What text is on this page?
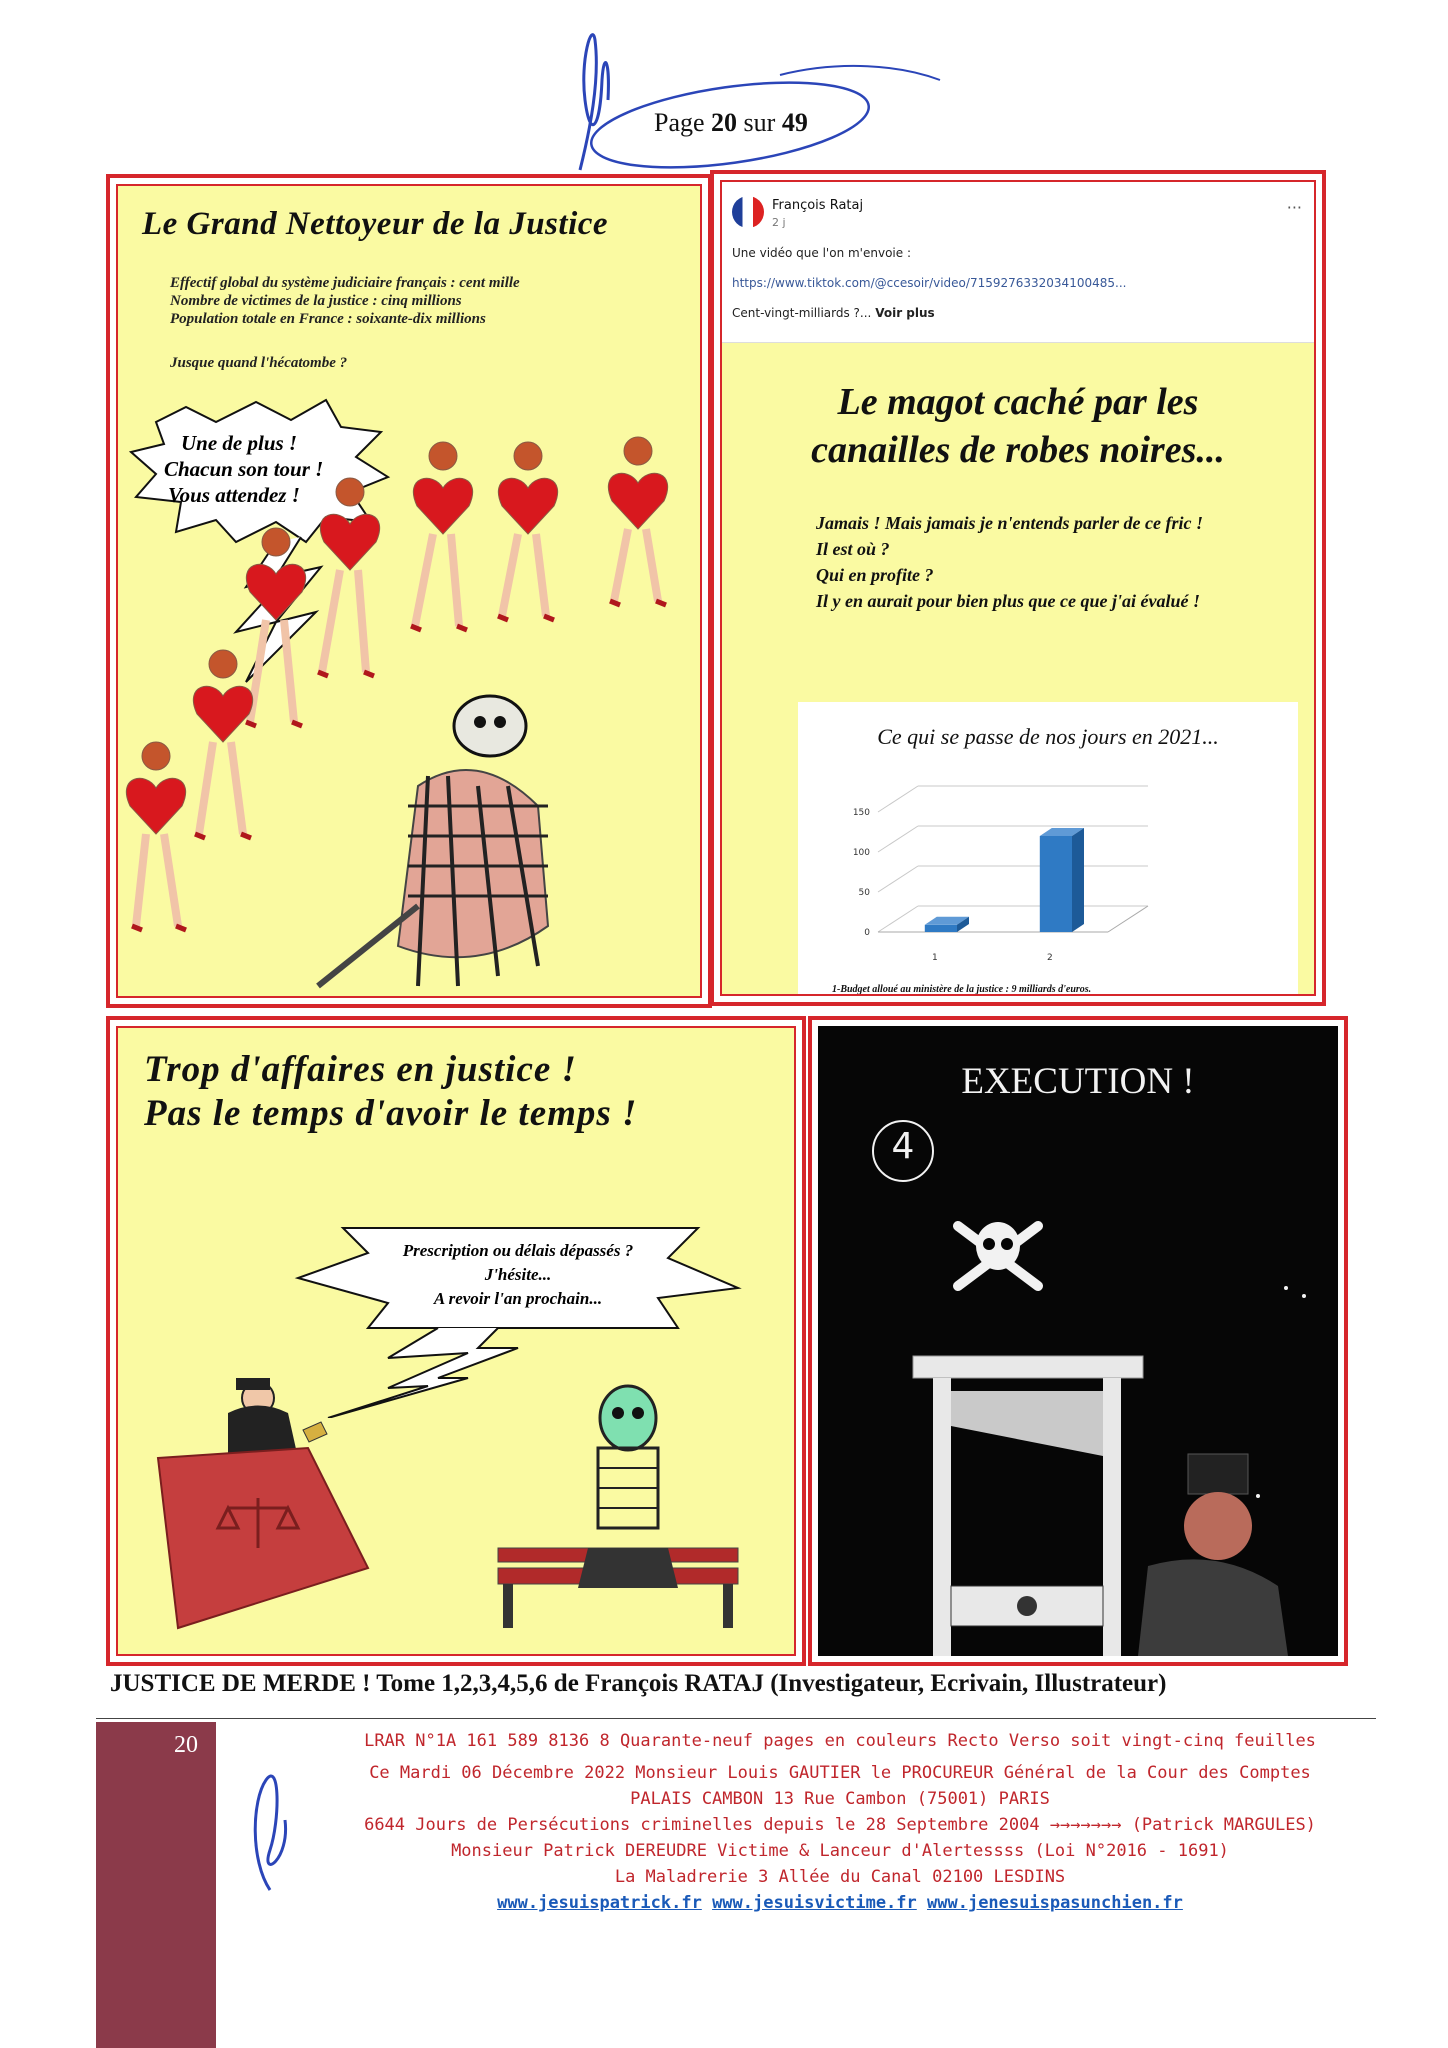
Page 20 sur 49
Le Grand Nettoyeur de la Justice
Effectif global du système judiciaire français : cent mille
Nombre de victimes de la justice : cinq millions
Population totale en France : soixante-dix millions
Jusque quand l'hécatombe ?
Une de plus !
Chacun son tour !
Vous attendez !
François Rataj
2 j
···
Une vidéo que l'on m'envoie :
https://www.tiktok.com/@ccesoir/video/7159276332034100485...
Cent-vingt-milliards ?... Voir plus
Le magot caché par les
canailles de robes noires...
Jamais ! Mais jamais je n'entends parler de ce fric !
Il est où ?
Qui en profite ?
Il y en aurait pour bien plus que ce que j'ai évalué !
Ce qui se passe de nos jours en 2021...
0
50
100
150
1	2
1-Budget alloué au ministère de la justice : 9 milliards d'euros.
Trop d'affaires en justice !
Pas le temps d'avoir le temps !
Prescription ou délais dépassés ?
J'hésite...
A revoir l'an prochain...
EXECUTION !
4
JUSTICE DE MERDE ! Tome 1,2,3,4,5,6 de François RATAJ (Investigateur, Ecrivain, Illustrateur)
20	LRAR N°1A 161 589 8136 8 Quarante-neuf pages en couleurs Recto Verso soit vingt-cinq feuilles
Ce Mardi 06 Décembre 2022 Monsieur Louis GAUTIER le PROCUREUR Général de la Cour des Comptes
PALAIS CAMBON 13 Rue Cambon (75001) PARIS
6644 Jours de Persécutions criminelles depuis le 28 Septembre 2004 →→→→→→→ (Patrick MARGULES)
Monsieur Patrick DEREUDRE Victime & Lanceur d'Alertessss (Loi N°2016 - 1691)
La Maladrerie 3 Allée du Canal 02100 LESDINS
www.jesuispatrick.fr www.jesuisvictime.fr www.jenesuispasunchien.fr
